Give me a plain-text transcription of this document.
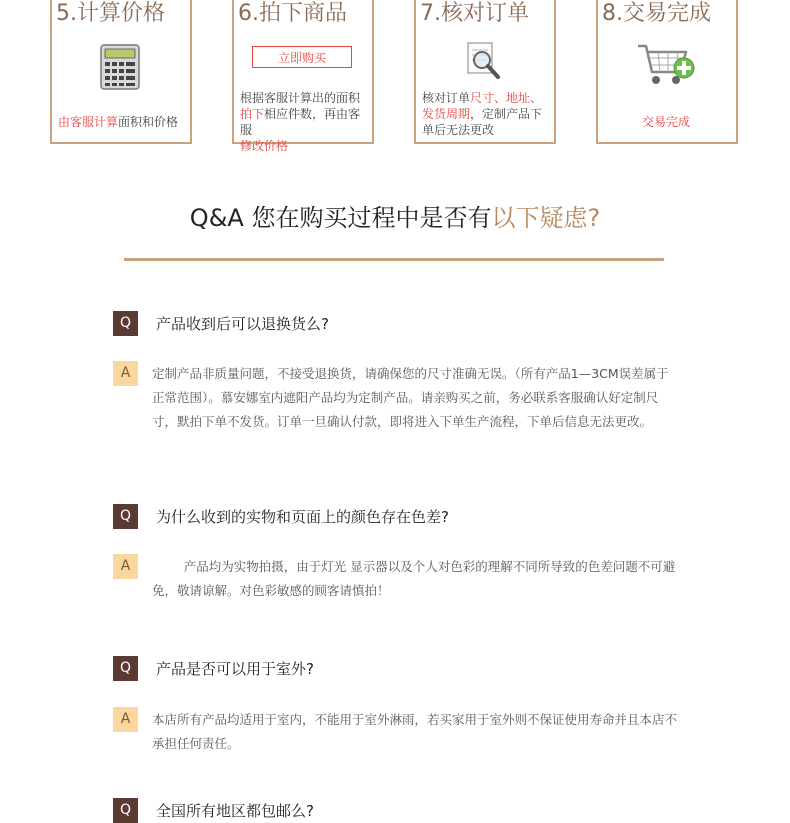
5.计算价格
由客服计算面积和价格
6.拍下商品
立即购买
根据客服计算出的面积
拍下相应件数，再由客服
修改价格
7.核对订单
核对订单尺寸、地址、发货周期，定制产品下单后无法更改
8.交易完成
交易完成
Q&A 您在购买过程中是否有以下疑虑?
Q	产品收到后可以退换货么?
A	定制产品非质量问题，不接受退换货，请确保您的尺寸准确无误。（所有产品1—3CM误差属于正常范围）。慕安娜室内遮阳产品均为定制产品。请亲购买之前，务必联系客服确认好定制尺寸，默拍下单不发货。订单一旦确认付款，即将进入下单生产流程，下单后信息无法更改。
Q	为什么收到的实物和页面上的颜色存在色差?
A	产品均为实物拍摄，由于灯光 显示器以及个人对色彩的理解不同所导致的色差问题不可避免，敬请谅解。对色彩敏感的顾客请慎拍！
Q	产品是否可以用于室外?
A	本店所有产品均适用于室内，不能用于室外淋雨，若买家用于室外则不保证使用寿命并且本店不承担任何责任。
Q	全国所有地区都包邮么?
